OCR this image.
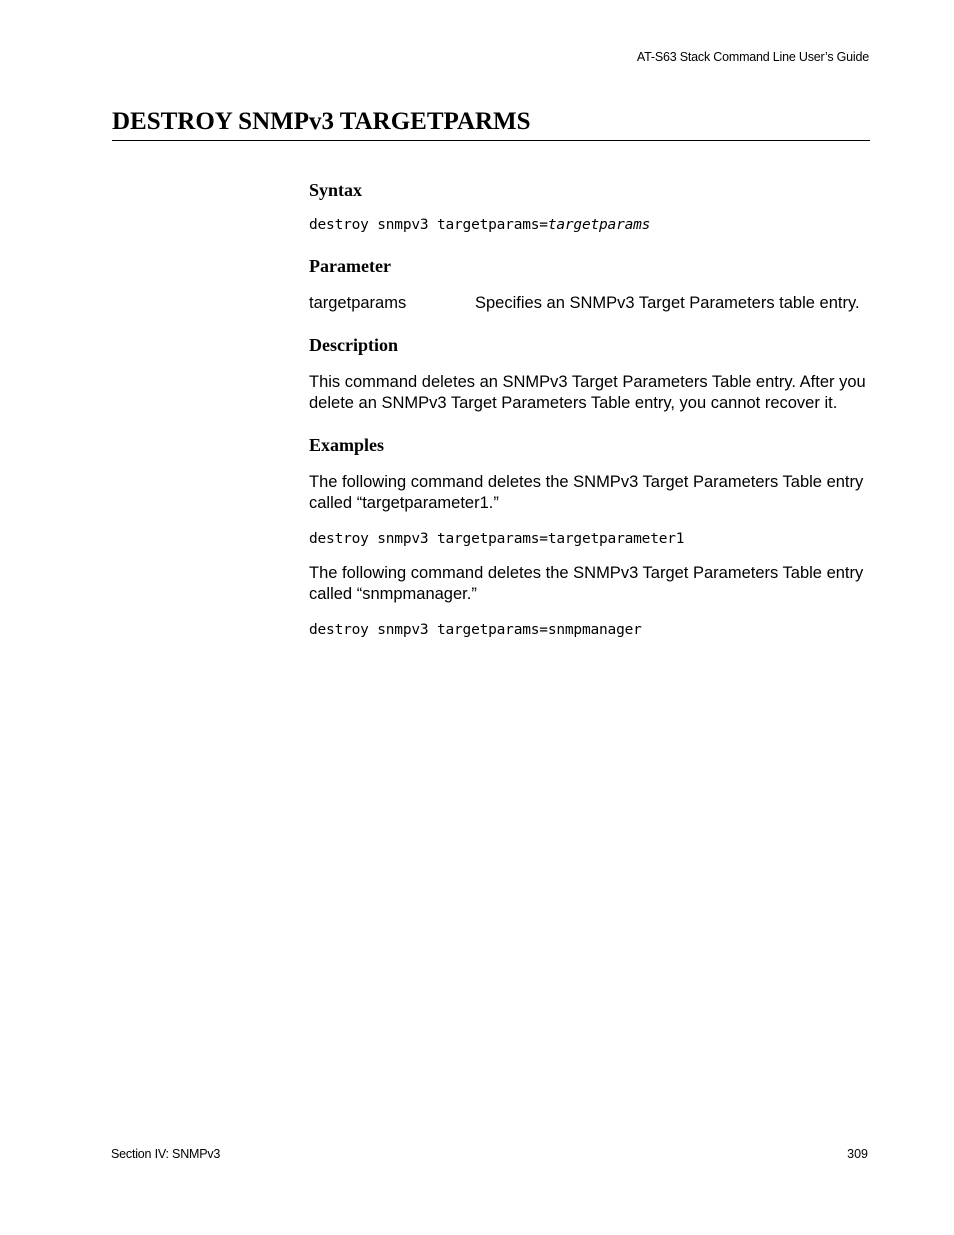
AT-S63 Stack Command Line User’s Guide
DESTROY SNMPv3 TARGETPARMS
Syntax
destroy snmpv3 targetparams=targetparams
Parameter
targetparams	Specifies an SNMPv3 Target Parameters table entry.
Description

This command deletes an SNMPv3 Target Parameters Table entry. After you delete an SNMPv3 Target Parameters Table entry, you cannot recover it.

Examples

The following command deletes the SNMPv3 Target Parameters Table entry called “targetparameter1.”

destroy snmpv3 targetparams=targetparameter1

The following command deletes the SNMPv3 Target Parameters Table entry called “snmpmanager.”

destroy snmpv3 targetparams=snmpmanager
Section IV: SNMPv3	309
